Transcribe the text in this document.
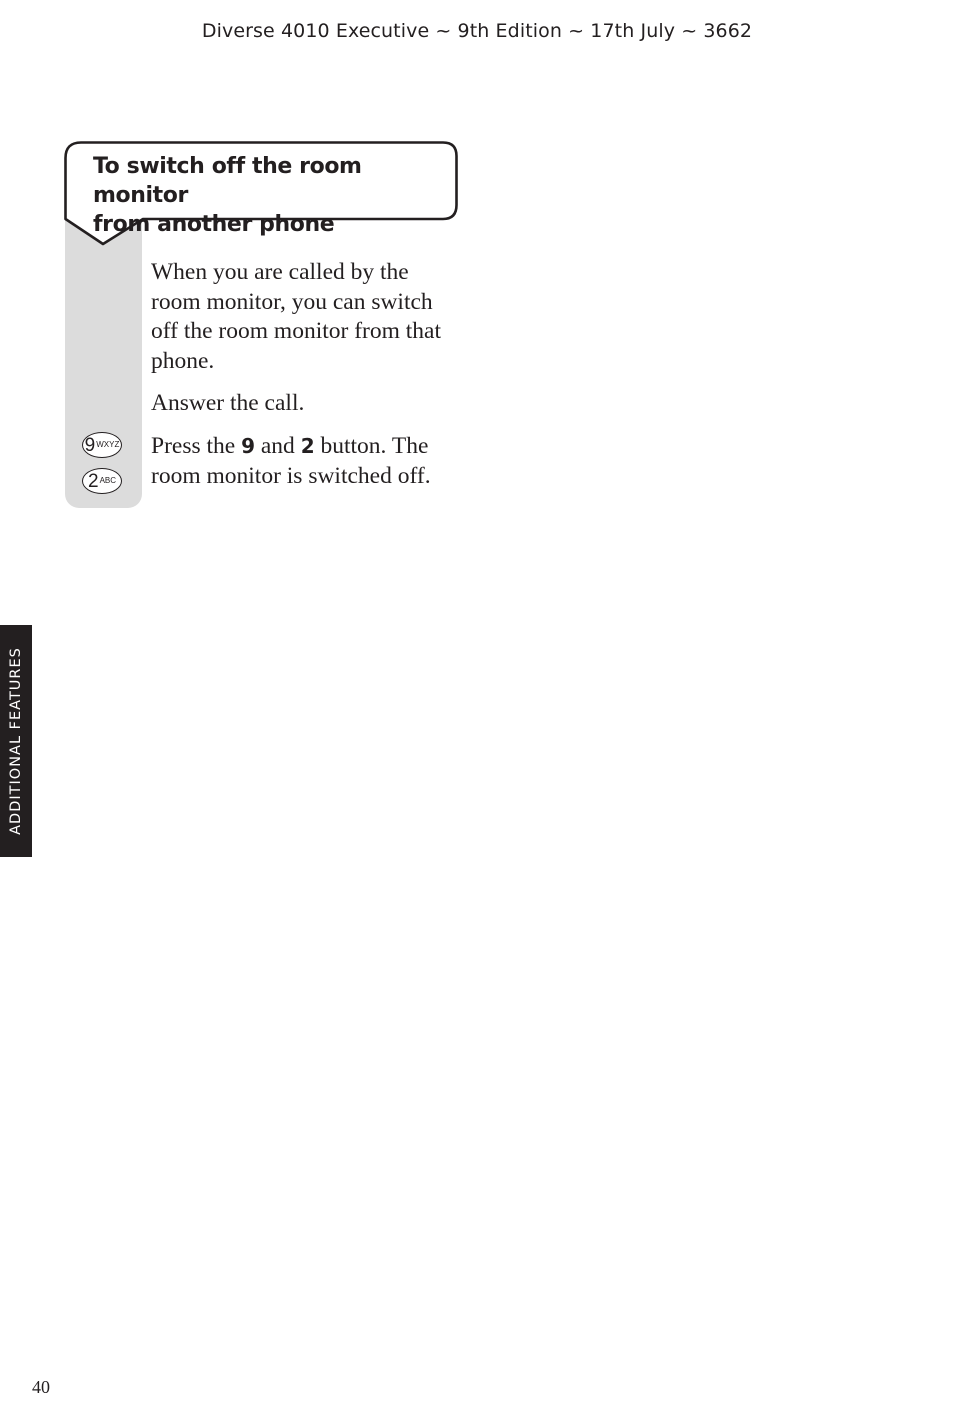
Diverse 4010 Executive ~ 9th Edition ~ 17th July ~ 3662
To switch off the room monitor
from another phone

When you are called by the room monitor, you can switch off the room monitor from that phone.

Answer the call.

Press the 9 and 2 button. The room monitor is switched off.

9 WXYZ
2 ABC
ADDITIONAL FEATURES
40
